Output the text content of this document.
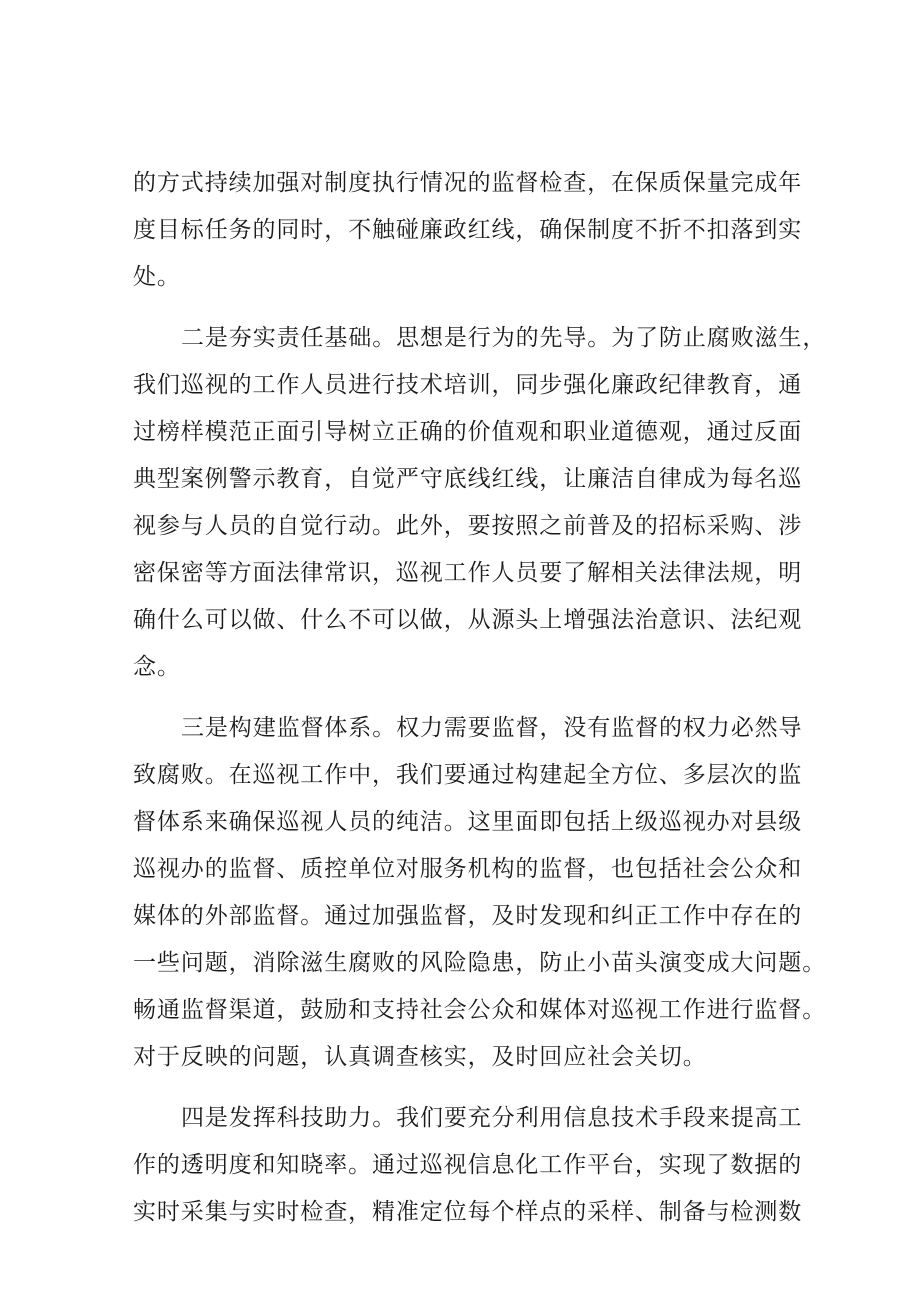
的方式持续加强对制度执行情况的监督检查，在保质保量完成年
度目标任务的同时，不触碰廉政红线，确保制度不折不扣落到实
处。

二是夯实责任基础。思想是行为的先导。为了防止腐败滋生，
我们巡视的工作人员进行技术培训，同步强化廉政纪律教育，通
过榜样模范正面引导树立正确的价值观和职业道德观，通过反面
典型案例警示教育，自觉严守底线红线，让廉洁自律成为每名巡
视参与人员的自觉行动。此外，要按照之前普及的招标采购、涉
密保密等方面法律常识，巡视工作人员要了解相关法律法规，明
确什么可以做、什么不可以做，从源头上增强法治意识、法纪观
念。

三是构建监督体系。权力需要监督，没有监督的权力必然导
致腐败。在巡视工作中，我们要通过构建起全方位、多层次的监
督体系来确保巡视人员的纯洁。这里面即包括上级巡视办对县级
巡视办的监督、质控单位对服务机构的监督，也包括社会公众和
媒体的外部监督。通过加强监督，及时发现和纠正工作中存在的
一些问题，消除滋生腐败的风险隐患，防止小苗头演变成大问题。
畅通监督渠道，鼓励和支持社会公众和媒体对巡视工作进行监督。
对于反映的问题，认真调查核实，及时回应社会关切。

四是发挥科技助力。我们要充分利用信息技术手段来提高工
作的透明度和知晓率。通过巡视信息化工作平台，实现了数据的
实时采集与实时检查，精准定位每个样点的采样、制备与检测数
